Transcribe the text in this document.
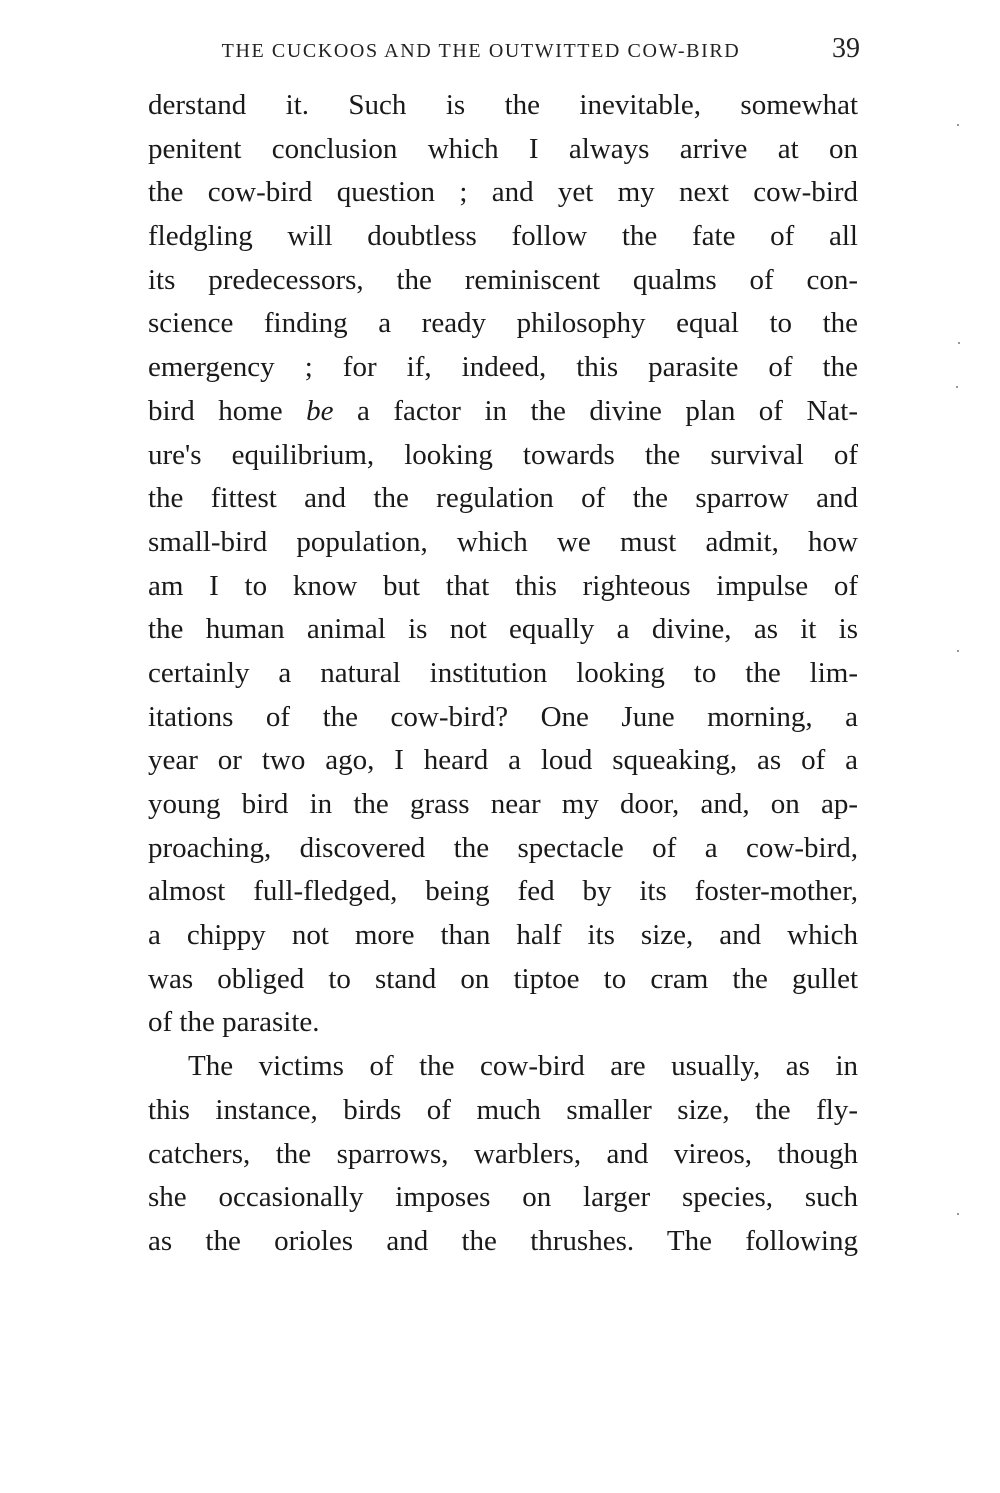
THE CUCKOOS AND THE OUTWITTED COW-BIRD	39
derstand it. Such is the inevitable, somewhat
penitent conclusion which I always arrive at on
the cow-bird question ; and yet my next cow-bird
fledgling will doubtless follow the fate of all
its predecessors, the reminiscent qualms of con-
science finding a ready philosophy equal to the
emergency ; for if, indeed, this parasite of the
bird home be a factor in the divine plan of Nat-
ure's equilibrium, looking towards the survival of
the fittest and the regulation of the sparrow and
small-bird population, which we must admit, how
am I to know but that this righteous impulse of
the human animal is not equally a divine, as it is
certainly a natural institution looking to the lim-
itations of the cow-bird? One June morning, a
year or two ago, I heard a loud squeaking, as of a
young bird in the grass near my door, and, on ap-
proaching, discovered the spectacle of a cow-bird,
almost full-fledged, being fed by its foster-mother,
a chippy not more than half its size, and which
was obliged to stand on tiptoe to cram the gullet
of the parasite.
The victims of the cow-bird are usually, as in
this instance, birds of much smaller size, the fly-
catchers, the sparrows, warblers, and vireos, though
she occasionally imposes on larger species, such
as the orioles and the thrushes. The following
